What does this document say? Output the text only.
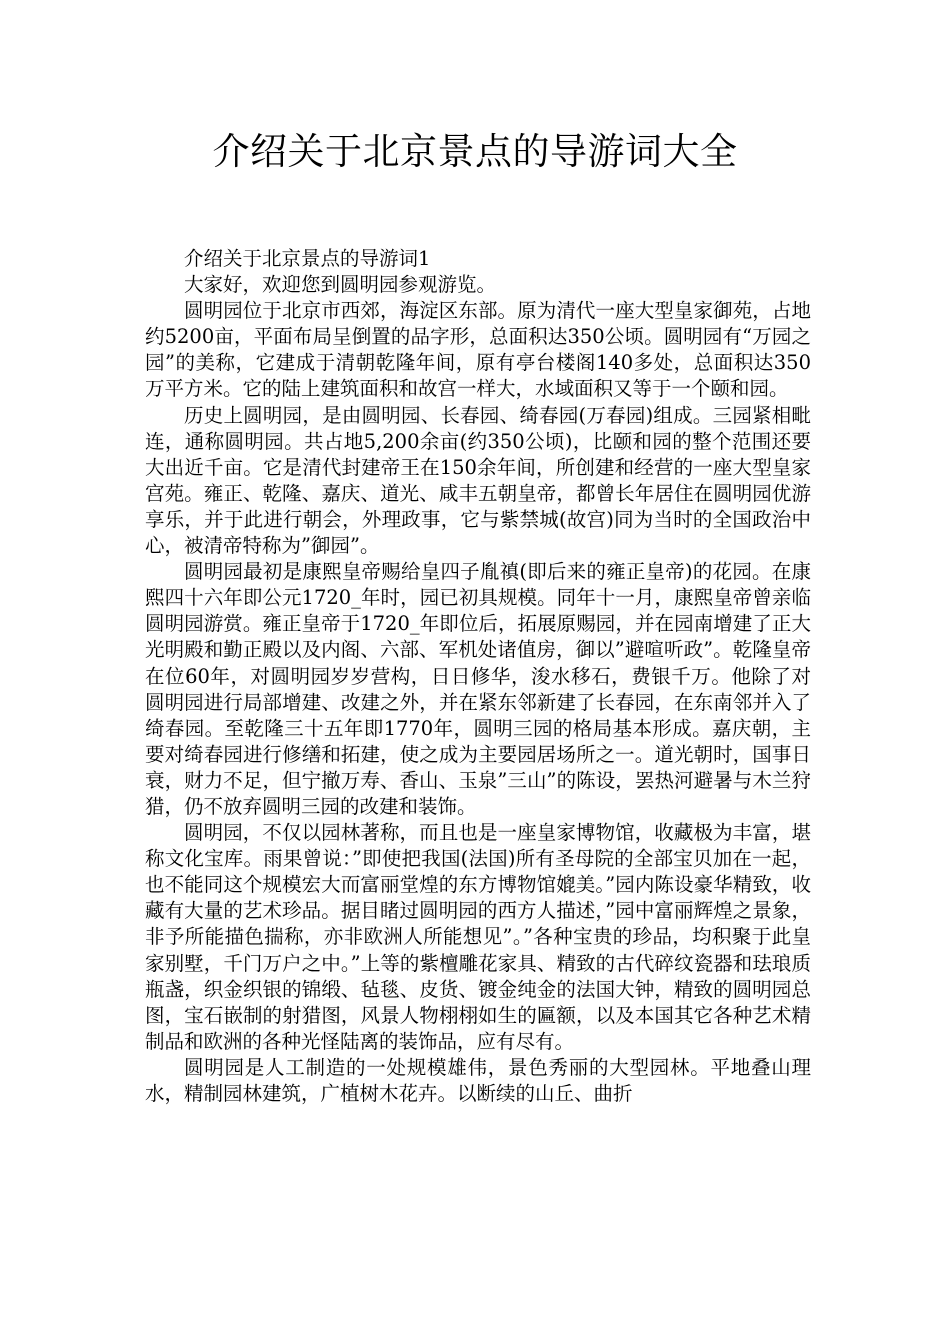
介绍关于北京景点的导游词大全

介绍关于北京景点的导游词1

大家好，欢迎您到圆明园参观游览。

圆明园位于北京市西郊，海淀区东部。原为清代一座大型皇家御苑，占地约5200亩，平面布局呈倒置的品字形，总面积达350公顷。圆明园有“万园之园”的美称，它建成于清朝乾隆年间，原有亭台楼阁140多处，总面积达350万平方米。它的陆上建筑面积和故宫一样大，水域面积又等于一个颐和园。

历史上圆明园，是由圆明园、长春园、绮春园(万春园)组成。三园紧相毗连，通称圆明园。共占地5,200余亩(约350公顷)，比颐和园的整个范围还要大出近千亩。它是清代封建帝王在150余年间，所创建和经营的一座大型皇家宫苑。雍正、乾隆、嘉庆、道光、咸丰五朝皇帝，都曾长年居住在圆明园优游享乐，并于此进行朝会，外理政事，它与紫禁城(故宫)同为当时的全国政治中心，被清帝特称为”御园”。

圆明园最初是康熙皇帝赐给皇四子胤禛(即后来的雍正皇帝)的花园。在康熙四十六年即公元1720_年时，园已初具规模。同年十一月，康熙皇帝曾亲临圆明园游赏。雍正皇帝于1720_年即位后，拓展原赐园，并在园南增建了正大光明殿和勤正殿以及内阁、六部、军机处诸值房，御以”避喧听政”。乾隆皇帝在位60年，对圆明园岁岁营构，日日修华，浚水移石，费银千万。他除了对圆明园进行局部增建、改建之外，并在紧东邻新建了长春园，在东南邻并入了绮春园。至乾隆三十五年即1770年，圆明三园的格局基本形成。嘉庆朝，主要对绮春园进行修缮和拓建，使之成为主要园居场所之一。道光朝时，国事日衰，财力不足，但宁撤万寿、香山、玉泉”三山”的陈设，罢热河避暑与木兰狩猎，仍不放弃圆明三园的改建和装饰。

圆明园，不仅以园林著称，而且也是一座皇家博物馆，收藏极为丰富，堪称文化宝库。雨果曾说：”即使把我国(法国)所有圣母院的全部宝贝加在一起，也不能同这个规模宏大而富丽堂煌的东方博物馆媲美。”园内陈设豪华精致，收藏有大量的艺术珍品。据目睹过圆明园的西方人描述，”园中富丽辉煌之景象，非予所能描色揣称，亦非欧洲人所能想见”。”各种宝贵的珍品，均积聚于此皇家别墅，千门万户之中。”上等的紫檀雕花家具、精致的古代碎纹瓷器和珐琅质瓶盏，织金织银的锦缎、毡毯、皮货、镀金纯金的法国大钟，精致的圆明园总图，宝石嵌制的射猎图，风景人物栩栩如生的匾额，以及本国其它各种艺术精制品和欧洲的各种光怪陆离的装饰品，应有尽有。

圆明园是人工制造的一处规模雄伟，景色秀丽的大型园林。平地叠山理水，精制园林建筑，广植树木花卉。以断续的山丘、曲折
